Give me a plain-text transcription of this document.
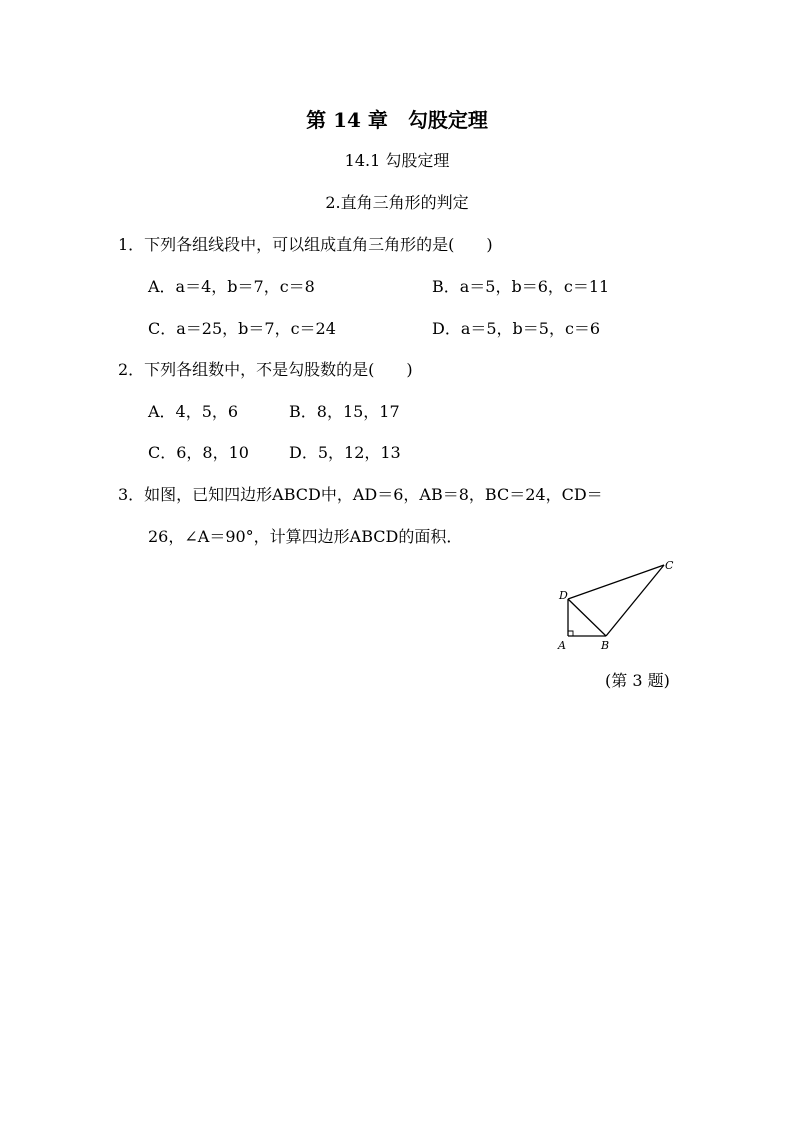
第 14 章　勾股定理
14.1 勾股定理
2.直角三角形的判定
1．下列各组线段中，可以组成直角三角形的是(　　)
A．a＝4，b＝7，c＝8	B．a＝5，b＝6，c＝11
C．a＝25，b＝7，c＝24	D．a＝5，b＝5，c＝6
2．下列各组数中，不是勾股数的是(　　)
A．4，5，6	B．8，15，17
C．6，8，10	D．5，12，13
3．如图，已知四边形ABCD中，AD＝6，AB＝8，BC＝24，CD＝
26，∠A＝90°，计算四边形ABCD的面积．
D
A	B
C
(第 3 题)
